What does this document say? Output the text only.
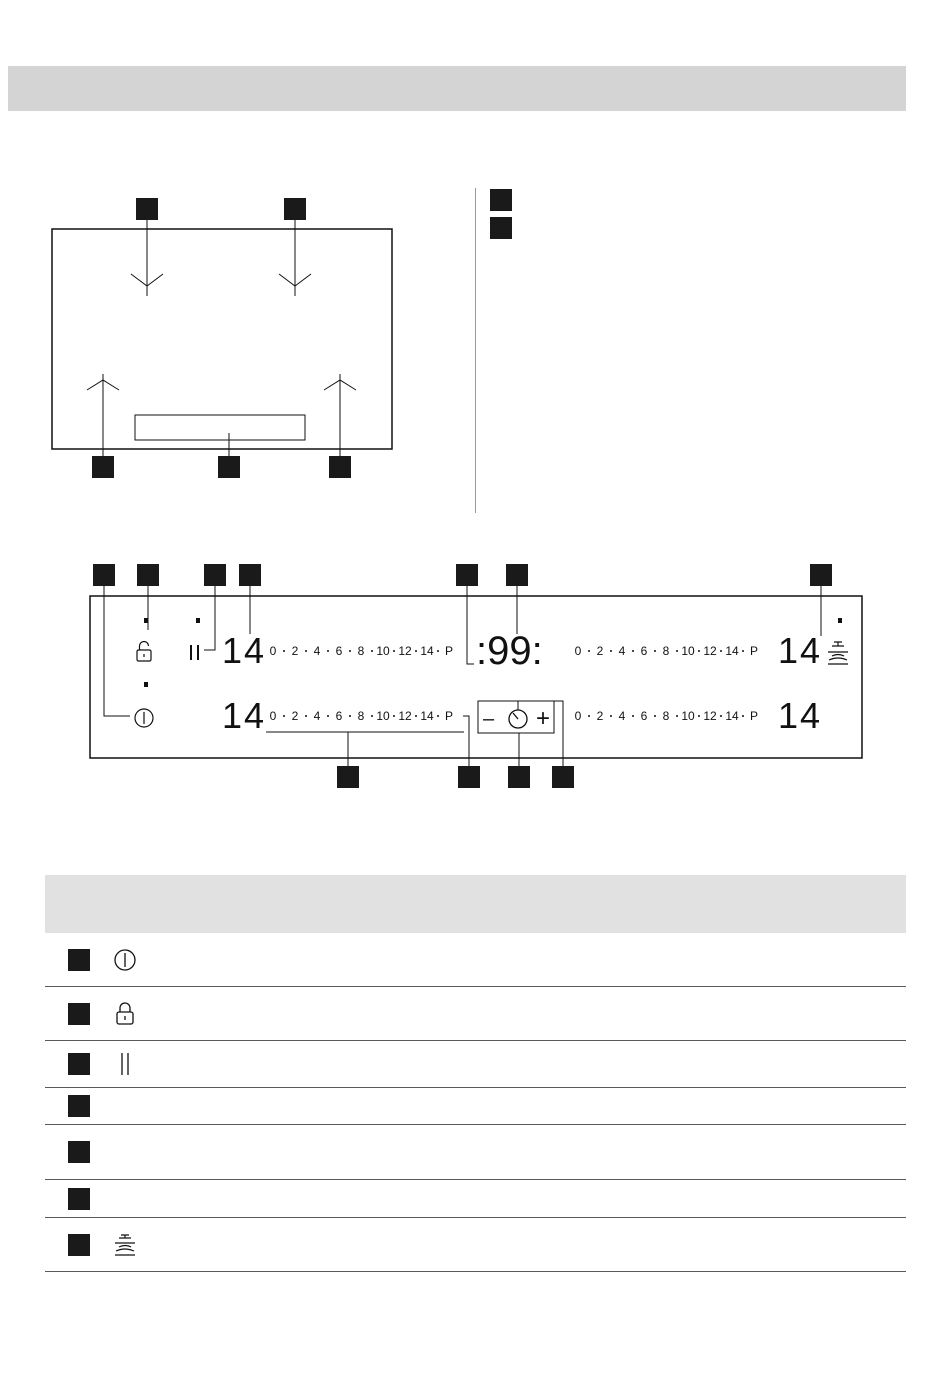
14	14
14	14
:99:
0 2 4 6 8 10 12 14 P	0 2 4 6 8 10 12 14 P
0 2 4 6 8 10 12 14 P	0 2 4 6 8 10 12 14 P
– +
